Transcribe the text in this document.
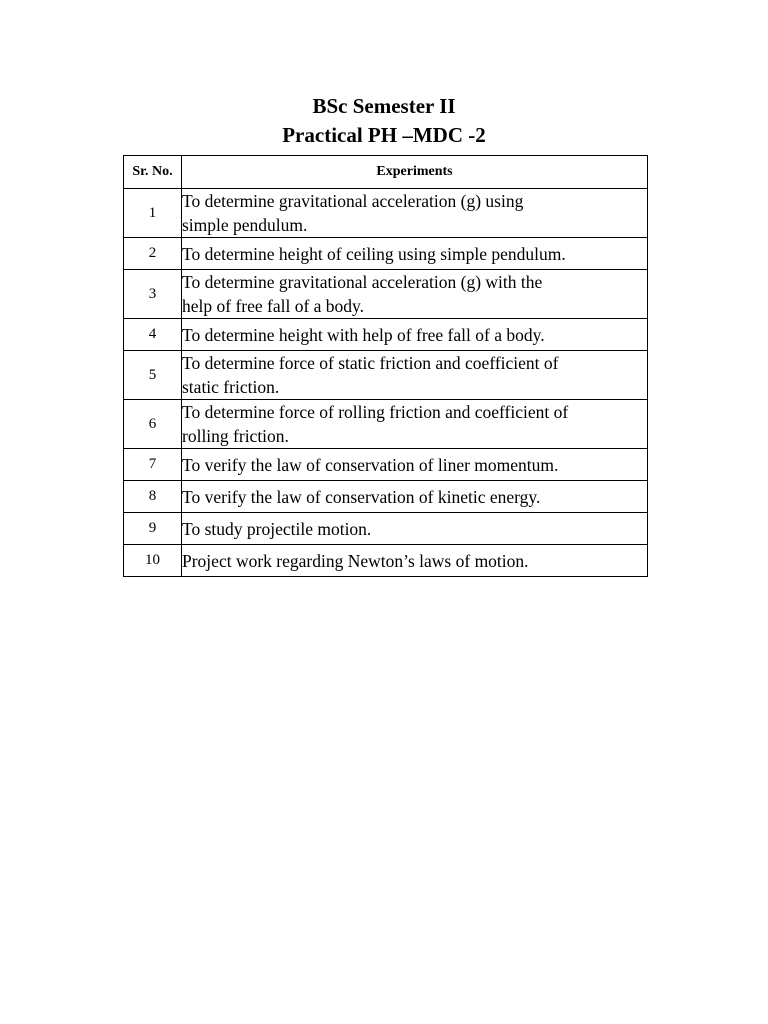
BSc Semester II
Practical PH –MDC -2
Sr. No.	Experiments
1	To determine gravitational acceleration (g) using
simple pendulum.

2	To determine height of ceiling using simple pendulum.

3	To determine gravitational acceleration (g) with the
help of free fall of a body.

4	To determine height with help of free fall of a body.

5	To determine force of static friction and coefficient of
static friction.

6	To determine force of rolling friction and coefficient of
rolling friction.

7	To verify the law of conservation of liner momentum.

8	To verify the law of conservation of kinetic energy.

9	To study projectile motion.

10	Project work regarding Newton’s laws of motion.
